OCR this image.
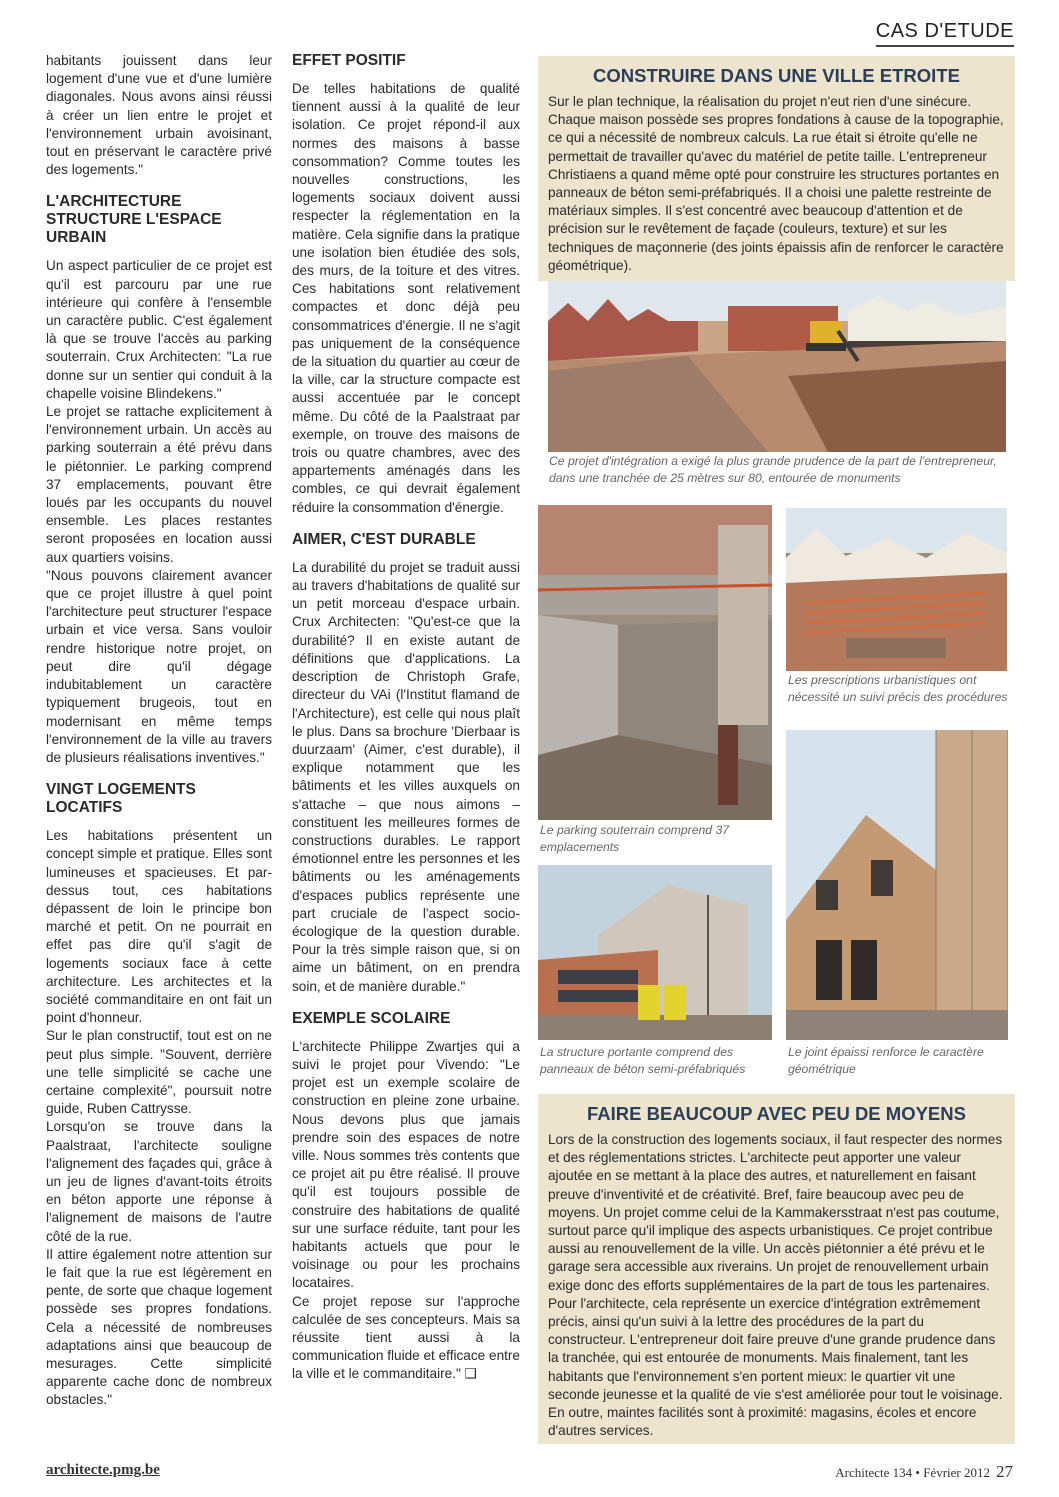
CAS D'ETUDE

habitants jouissent dans leur logement d'une vue et d'une lumière diagonales. Nous avons ainsi réussi à créer un lien entre le projet et l'environnement urbain avoisinant, tout en préservant le caractère privé des logements."

L'ARCHITECTURE STRUCTURE L'ESPACE URBAIN

Un aspect particulier de ce projet est qu'il est parcouru par une rue intérieure qui confère à l'ensemble un caractère public. C'est également là que se trouve l'accès au parking souterrain. Crux Architecten: "La rue donne sur un sentier qui conduit à la chapelle voisine Blindekens."

Le projet se rattache explicitement à l'environnement urbain. Un accès au parking souterrain a été prévu dans le piétonnier. Le parking comprend 37 emplacements, pouvant être loués par les occupants du nouvel ensemble. Les places restantes seront proposées en location aussi aux quartiers voisins.

"Nous pouvons clairement avancer que ce projet illustre à quel point l'architecture peut structurer l'espace urbain et vice versa. Sans vouloir rendre historique notre projet, on peut dire qu'il dégage indubitablement un caractère typiquement brugeois, tout en modernisant en même temps l'environnement de la ville au travers de plusieurs réalisations inventives."

VINGT LOGEMENTS LOCATIFS

Les habitations présentent un concept simple et pratique. Elles sont lumineuses et spacieuses. Et par-dessus tout, ces habitations dépassent de loin le principe bon marché et petit. On ne pourrait en effet pas dire qu'il s'agit de logements sociaux face à cette architecture. Les architectes et la société commanditaire en ont fait un point d'honneur.

Sur le plan constructif, tout est on ne peut plus simple. "Souvent, derrière une telle simplicité se cache une certaine complexité", poursuit notre guide, Ruben Cattrysse.

Lorsqu'on se trouve dans la Paalstraat, l'architecte souligne l'alignement des façades qui, grâce à un jeu de lignes d'avant-toits étroits en béton apporte une réponse à l'alignement de maisons de l'autre côté de la rue.

Il attire également notre attention sur le fait que la rue est légèrement en pente, de sorte que chaque logement possède ses propres fondations. Cela a nécessité de nombreuses adaptations ainsi que beaucoup de mesurages. Cette simplicité apparente cache donc de nombreux obstacles."

EFFET POSITIF

De telles habitations de qualité tiennent aussi à la qualité de leur isolation. Ce projet répond-il aux normes des maisons à basse consommation? Comme toutes les nouvelles constructions, les logements sociaux doivent aussi respecter la réglementation en la matière. Cela signifie dans la pratique une isolation bien étudiée des sols, des murs, de la toiture et des vitres. Ces habitations sont relativement compactes et donc déjà peu consommatrices d'énergie. Il ne s'agit pas uniquement de la conséquence de la situation du quartier au cœur de la ville, car la structure compacte est aussi accentuée par le concept même. Du côté de la Paalstraat par exemple, on trouve des maisons de trois ou quatre chambres, avec des appartements aménagés dans les combles, ce qui devrait également réduire la consommation d'énergie.

AIMER, C'EST DURABLE

La durabilité du projet se traduit aussi au travers d'habitations de qualité sur un petit morceau d'espace urbain. Crux Architecten: "Qu'est-ce que la durabilité? Il en existe autant de définitions que d'applications. La description de Christoph Grafe, directeur du VAi (l'Institut flamand de l'Architecture), est celle qui nous plaît le plus. Dans sa brochure 'Dierbaar is duurzaam' (Aimer, c'est durable), il explique notamment que les bâtiments et les villes auxquels on s'attache – que nous aimons – constituent les meilleures formes de constructions durables. Le rapport émotionnel entre les personnes et les bâtiments ou les aménagements d'espaces publics représente une part cruciale de l'aspect socio-écologique de la question durable. Pour la très simple raison que, si on aime un bâtiment, on en prendra soin, et de manière durable."

EXEMPLE SCOLAIRE

L'architecte Philippe Zwartjes qui a suivi le projet pour Vivendo: "Le projet est un exemple scolaire de construction en pleine zone urbaine. Nous devons plus que jamais prendre soin des espaces de notre ville. Nous sommes très contents que ce projet ait pu être réalisé. Il prouve qu'il est toujours possible de construire des habitations de qualité sur une surface réduite, tant pour les habitants actuels que pour le voisinage ou pour les prochains locataires.

Ce projet repose sur l'approche calculée de ses concepteurs. Mais sa réussite tient aussi à la communication fluide et efficace entre la ville et le commanditaire." ❑

CONSTRUIRE DANS UNE VILLE ETROITE
Sur le plan technique, la réalisation du projet n'eut rien d'une sinécure. Chaque maison possède ses propres fondations à cause de la topographie, ce qui a nécessité de nombreux calculs. La rue était si étroite qu'elle ne permettait de travailler qu'avec du matériel de petite taille. L'entrepreneur Christiaens a quand même opté pour construire les structures portantes en panneaux de béton semi-préfabriqués. Il a choisi une palette restreinte de matériaux simples. Il s'est concentré avec beaucoup d'attention et de précision sur le revêtement de façade (couleurs, texture) et sur les techniques de maçonnerie (des joints épaissis afin de renforcer le caractère géométrique).
Ce projet d'intégration a exigé la plus grande prudence de la part de l'entrepreneur, dans une tranchée de 25 mètres sur 80, entourée de monuments
Le parking souterrain comprend 37 emplacements
Les prescriptions urbanistiques ont nécessité un suivi précis des procédures
La structure portante comprend des panneaux de béton semi-préfabriqués
Le joint épaissi renforce le caractère géométrique
FAIRE BEAUCOUP AVEC PEU DE MOYENS
Lors de la construction des logements sociaux, il faut respecter des normes et des réglementations strictes. L'architecte peut apporter une valeur ajoutée en se mettant à la place des autres, et naturellement en faisant preuve d'inventivité et de créativité. Bref, faire beaucoup avec peu de moyens. Un projet comme celui de la Kammakersstraat n'est pas coutume, surtout parce qu'il implique des aspects urbanistiques. Ce projet contribue aussi au renouvellement de la ville. Un accès piétonnier a été prévu et le garage sera accessible aux riverains. Un projet de renouvellement urbain exige donc des efforts supplémentaires de la part de tous les partenaires. Pour l'architecte, cela représente un exercice d'intégration extrêmement précis, ainsi qu'un suivi à la lettre des procédures de la part du constructeur. L'entrepreneur doit faire preuve d'une grande prudence dans la tranchée, qui est entourée de monuments. Mais finalement, tant les habitants que l'environnement s'en portent mieux: le quartier vit une seconde jeunesse et la qualité de vie s'est améliorée pour tout le voisinage. En outre, maintes facilités sont à proximité: magasins, écoles et encore d'autres services.
architecte.pmg.be	Architecte 134 • Février 2012 27
